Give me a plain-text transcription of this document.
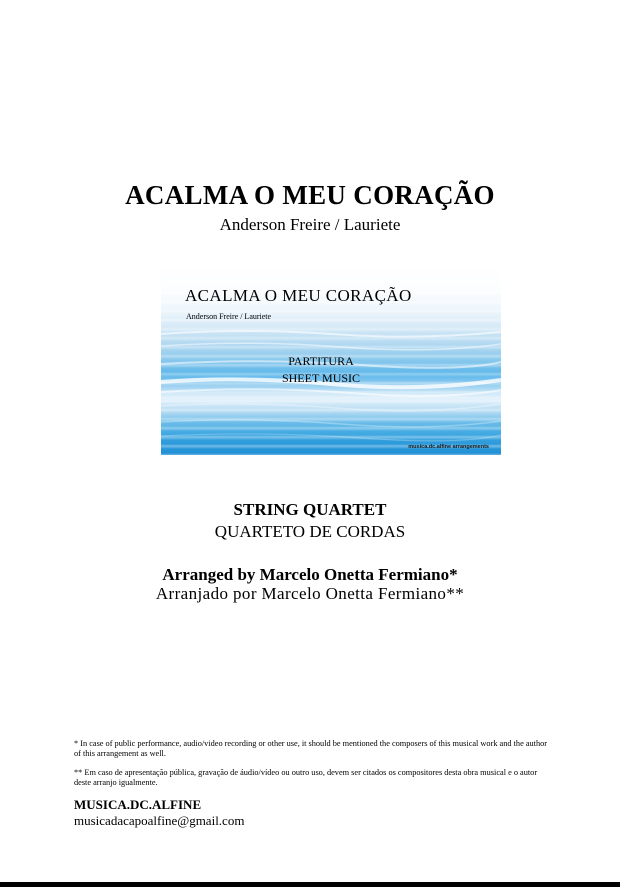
ACALMA O MEU CORAÇÃO
Anderson Freire / Lauriete
ACALMA O MEU CORAÇÃO
Anderson Freire / Lauriete
PARTITURA
SHEET MUSIC
musica.dc.alfine arrangements
STRING QUARTET
QUARTETO DE CORDAS
Arranged by Marcelo Onetta Fermiano*
Arranjado por Marcelo Onetta Fermiano**
* In case of public performance, audio/video recording or other use, it should be mentioned the composers of this musical work and the author of this arrangement as well.
** Em caso de apresentação pública, gravação de áudio/vídeo ou outro uso, devem ser citados os compositores desta obra musical e o autor deste arranjo igualmente.
MUSICA.DC.ALFINE
musicadacapoalfine@gmail.com
